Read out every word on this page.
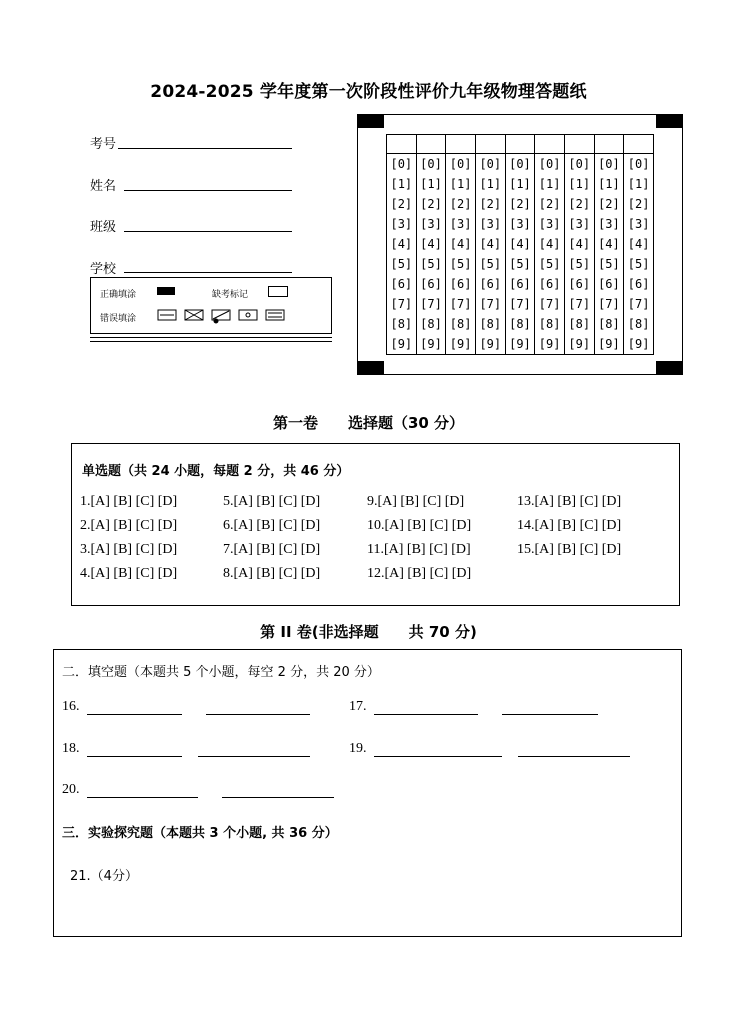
2024-2025 学年度第一次阶段性评价九年级物理答题纸
考号
姓名
班级
学校
正确填涂	缺考标记
错误填涂

[0]	[0]	[0]	[0]	[0]	[0]	[0]	[0]	[0]
[1]	[1]	[1]	[1]	[1]	[1]	[1]	[1]	[1]
[2]	[2]	[2]	[2]	[2]	[2]	[2]	[2]	[2]
[3]	[3]	[3]	[3]	[3]	[3]	[3]	[3]	[3]
[4]	[4]	[4]	[4]	[4]	[4]	[4]	[4]	[4]
[5]	[5]	[5]	[5]	[5]	[5]	[5]	[5]	[5]
[6]	[6]	[6]	[6]	[6]	[6]	[6]	[6]	[6]
[7]	[7]	[7]	[7]	[7]	[7]	[7]	[7]	[7]
[8]	[8]	[8]	[8]	[8]	[8]	[8]	[8]	[8]
[9]	[9]	[9]	[9]	[9]	[9]	[9]	[9]	[9]
第一卷　　选择题（30 分）
单选题（共 24 小题，每题 2 分，共 46 分）
1.[A] [B] [C] [D]	5.[A] [B] [C] [D]	9.[A] [B] [C] [D]	13.[A] [B] [C] [D]
2.[A] [B] [C] [D]	6.[A] [B] [C] [D]	10.[A] [B] [C] [D]	14.[A] [B] [C] [D]
3.[A] [B] [C] [D]	7.[A] [B] [C] [D]	11.[A] [B] [C] [D]	15.[A] [B] [C] [D]
4.[A] [B] [C] [D]	8.[A] [B] [C] [D]	12.[A] [B] [C] [D]
第 II 卷(非选择题　　共 70 分)
二．填空题（本题共 5 个小题，每空 2 分，共 20 分）
16.	17.
18.	19.
20.
三．实验探究题（本题共 3 个小题, 共 36 分）
21.（4分）
